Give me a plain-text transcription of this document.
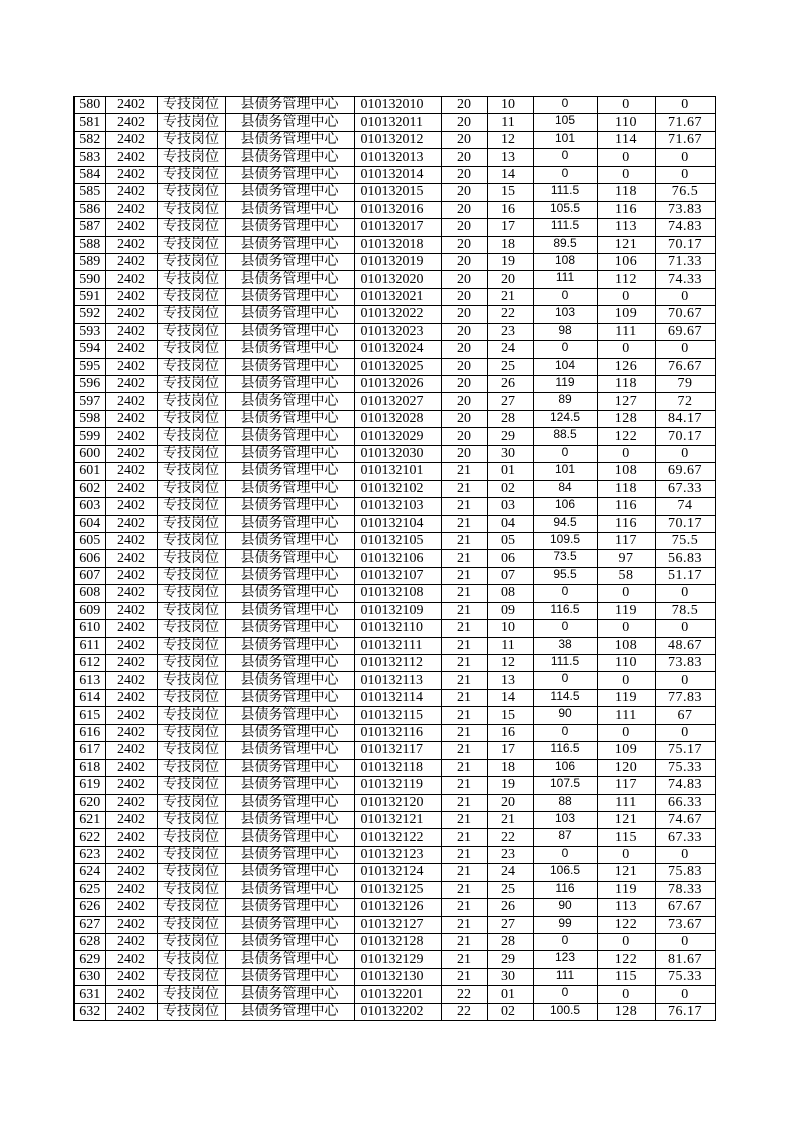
580	2402	专技岗位	县债务管理中心	010132010	20	10	0	0	0
581	2402	专技岗位	县债务管理中心	010132011	20	11	105	110	71.67
582	2402	专技岗位	县债务管理中心	010132012	20	12	101	114	71.67
583	2402	专技岗位	县债务管理中心	010132013	20	13	0	0	0
584	2402	专技岗位	县债务管理中心	010132014	20	14	0	0	0
585	2402	专技岗位	县债务管理中心	010132015	20	15	111.5	118	76.5
586	2402	专技岗位	县债务管理中心	010132016	20	16	105.5	116	73.83
587	2402	专技岗位	县债务管理中心	010132017	20	17	111.5	113	74.83
588	2402	专技岗位	县债务管理中心	010132018	20	18	89.5	121	70.17
589	2402	专技岗位	县债务管理中心	010132019	20	19	108	106	71.33
590	2402	专技岗位	县债务管理中心	010132020	20	20	111	112	74.33
591	2402	专技岗位	县债务管理中心	010132021	20	21	0	0	0
592	2402	专技岗位	县债务管理中心	010132022	20	22	103	109	70.67
593	2402	专技岗位	县债务管理中心	010132023	20	23	98	111	69.67
594	2402	专技岗位	县债务管理中心	010132024	20	24	0	0	0
595	2402	专技岗位	县债务管理中心	010132025	20	25	104	126	76.67
596	2402	专技岗位	县债务管理中心	010132026	20	26	119	118	79
597	2402	专技岗位	县债务管理中心	010132027	20	27	89	127	72
598	2402	专技岗位	县债务管理中心	010132028	20	28	124.5	128	84.17
599	2402	专技岗位	县债务管理中心	010132029	20	29	88.5	122	70.17
600	2402	专技岗位	县债务管理中心	010132030	20	30	0	0	0
601	2402	专技岗位	县债务管理中心	010132101	21	01	101	108	69.67
602	2402	专技岗位	县债务管理中心	010132102	21	02	84	118	67.33
603	2402	专技岗位	县债务管理中心	010132103	21	03	106	116	74
604	2402	专技岗位	县债务管理中心	010132104	21	04	94.5	116	70.17
605	2402	专技岗位	县债务管理中心	010132105	21	05	109.5	117	75.5
606	2402	专技岗位	县债务管理中心	010132106	21	06	73.5	97	56.83
607	2402	专技岗位	县债务管理中心	010132107	21	07	95.5	58	51.17
608	2402	专技岗位	县债务管理中心	010132108	21	08	0	0	0
609	2402	专技岗位	县债务管理中心	010132109	21	09	116.5	119	78.5
610	2402	专技岗位	县债务管理中心	010132110	21	10	0	0	0
611	2402	专技岗位	县债务管理中心	010132111	21	11	38	108	48.67
612	2402	专技岗位	县债务管理中心	010132112	21	12	111.5	110	73.83
613	2402	专技岗位	县债务管理中心	010132113	21	13	0	0	0
614	2402	专技岗位	县债务管理中心	010132114	21	14	114.5	119	77.83
615	2402	专技岗位	县债务管理中心	010132115	21	15	90	111	67
616	2402	专技岗位	县债务管理中心	010132116	21	16	0	0	0
617	2402	专技岗位	县债务管理中心	010132117	21	17	116.5	109	75.17
618	2402	专技岗位	县债务管理中心	010132118	21	18	106	120	75.33
619	2402	专技岗位	县债务管理中心	010132119	21	19	107.5	117	74.83
620	2402	专技岗位	县债务管理中心	010132120	21	20	88	111	66.33
621	2402	专技岗位	县债务管理中心	010132121	21	21	103	121	74.67
622	2402	专技岗位	县债务管理中心	010132122	21	22	87	115	67.33
623	2402	专技岗位	县债务管理中心	010132123	21	23	0	0	0
624	2402	专技岗位	县债务管理中心	010132124	21	24	106.5	121	75.83
625	2402	专技岗位	县债务管理中心	010132125	21	25	116	119	78.33
626	2402	专技岗位	县债务管理中心	010132126	21	26	90	113	67.67
627	2402	专技岗位	县债务管理中心	010132127	21	27	99	122	73.67
628	2402	专技岗位	县债务管理中心	010132128	21	28	0	0	0
629	2402	专技岗位	县债务管理中心	010132129	21	29	123	122	81.67
630	2402	专技岗位	县债务管理中心	010132130	21	30	111	115	75.33
631	2402	专技岗位	县债务管理中心	010132201	22	01	0	0	0
632	2402	专技岗位	县债务管理中心	010132202	22	02	100.5	128	76.17
